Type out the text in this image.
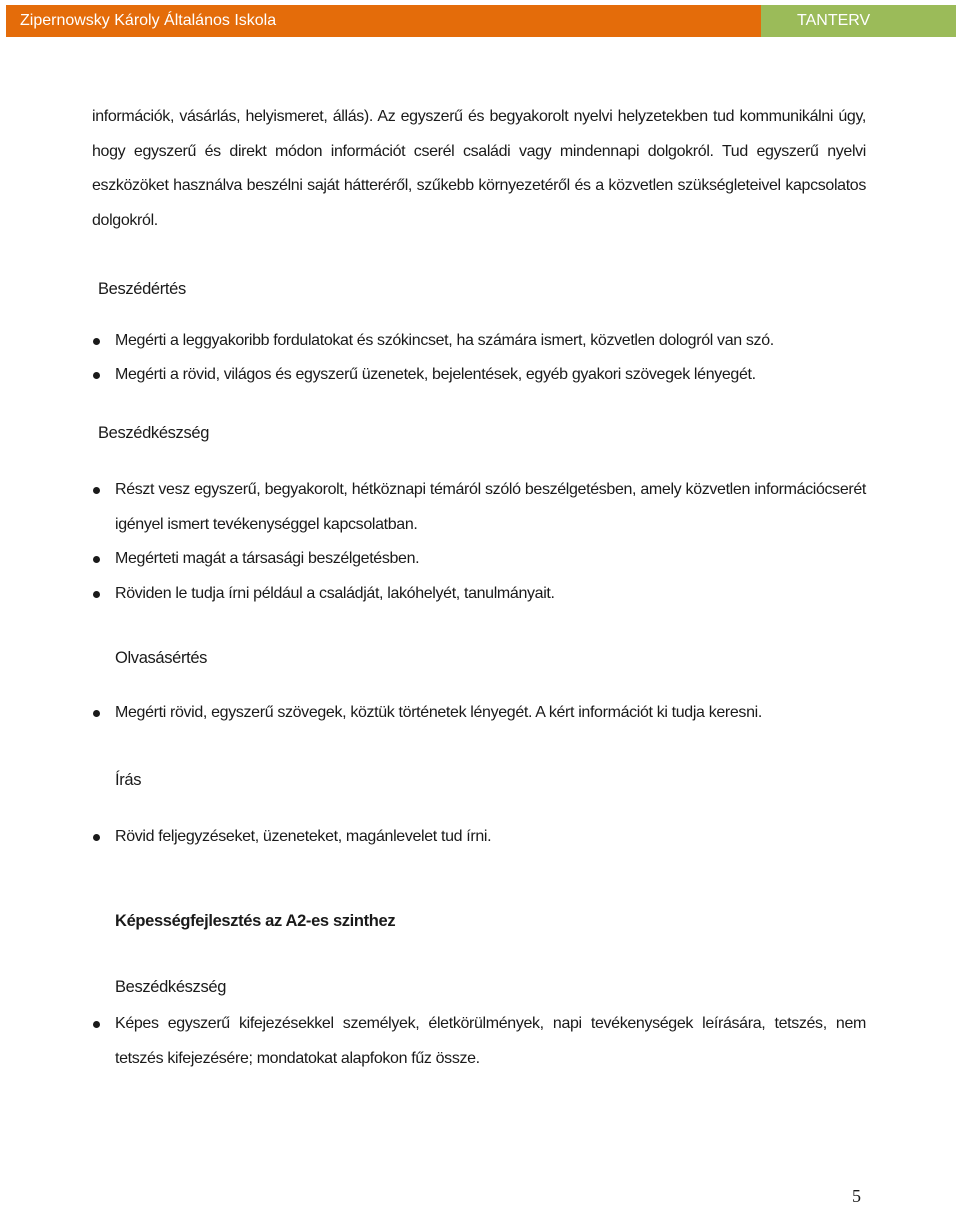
Zipernowsky Károly Általános Iskola	TANTERV

információk, vásárlás, helyismeret, állás). Az egyszerű és begyakorolt nyelvi helyzetekben tud kommunikálni úgy, hogy egyszerű és direkt módon információt cserél családi vagy mindennapi dolgokról. Tud egyszerű nyelvi eszközöket használva beszélni saját hátteréről, szűkebb környezetéről és a közvetlen szükségleteivel kapcsolatos dolgokról.

Beszédértés

Megérti a leggyakoribb fordulatokat és szókincset, ha számára ismert, közvetlen dologról van szó.
Megérti a rövid, világos és egyszerű üzenetek, bejelentések, egyéb gyakori szövegek lényegét.

Beszédkészség

Részt vesz egyszerű, begyakorolt, hétköznapi témáról szóló beszélgetésben, amely közvetlen információcserét igényel ismert tevékenységgel kapcsolatban.
Megérteti magát a társasági beszélgetésben.
Röviden le tudja írni például a családját, lakóhelyét, tanulmányait.

Olvasásértés

Megérti rövid, egyszerű szövegek, köztük történetek lényegét. A kért információt ki tudja keresni.

Írás

Rövid feljegyzéseket, üzeneteket, magánlevelet tud írni.

Képességfejlesztés az A2-es szinthez

Beszédkészség

Képes egyszerű kifejezésekkel személyek, életkörülmények, napi tevékenységek leírására, tetszés, nem tetszés kifejezésére; mondatokat alapfokon fűz össze.
5
